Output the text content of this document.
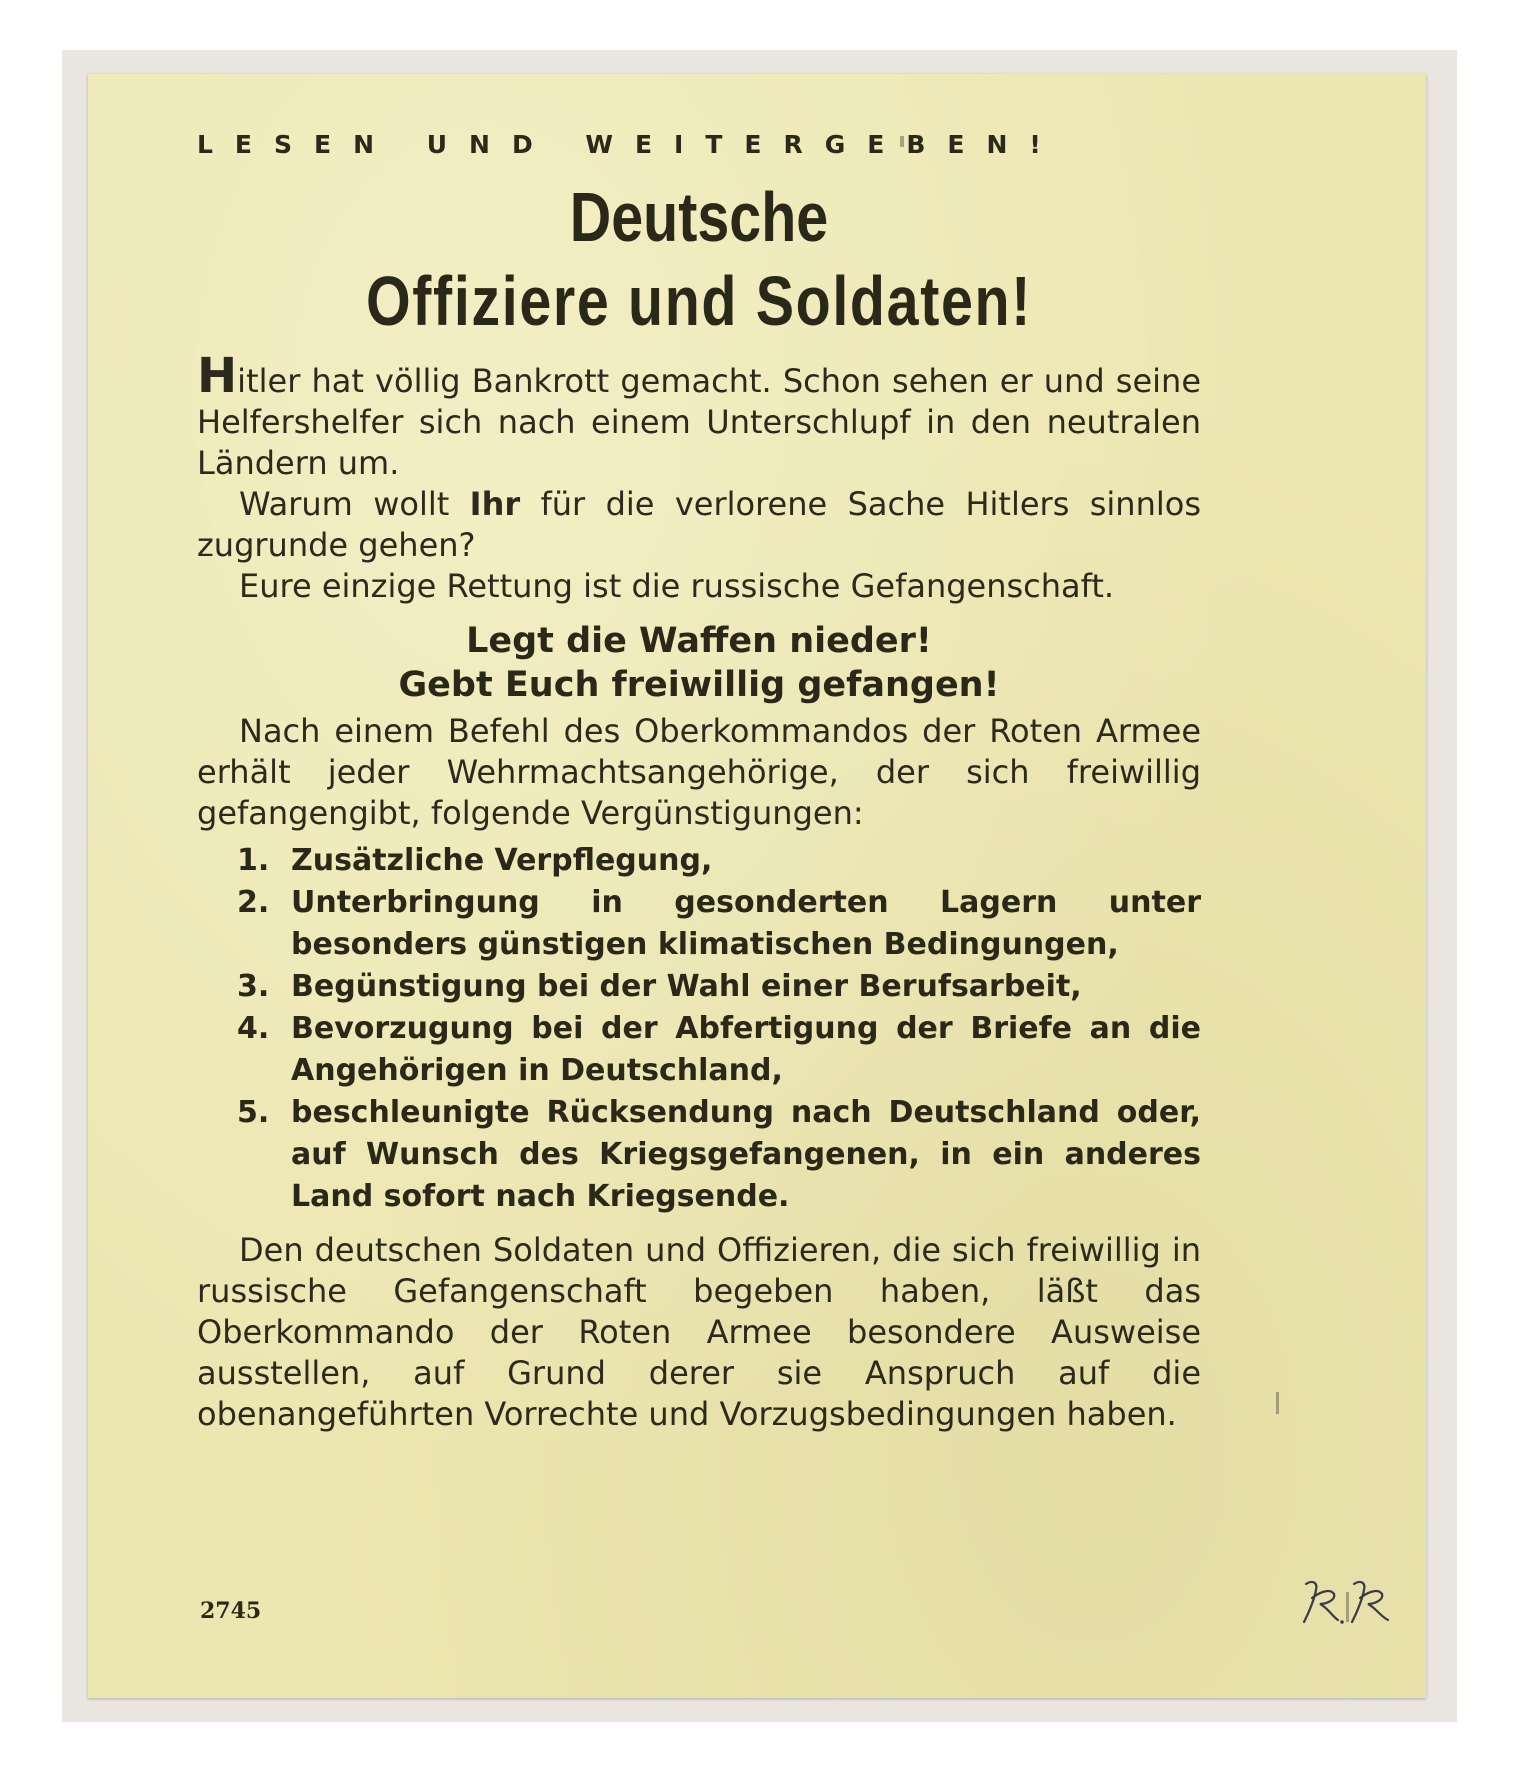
LESEN UND WEITERGEBEN!
Deutsche
Offiziere und Soldaten!

Hitler hat völlig Bankrott gemacht. Schon sehen er und seine Helfershelfer sich nach einem Unterschlupf in den neutralen Ländern um.

Warum wollt Ihr für die verlorene Sache Hitlers sinnlos zugrunde gehen?

Eure einzige Rettung ist die russische Gefangenschaft.

Legt die Waffen nieder!
Gebt Euch freiwillig gefangen!

Nach einem Befehl des Oberkommandos der Roten Armee erhält jeder Wehrmachtsangehörige, der sich freiwillig gefangengibt, folgende Vergünstigungen:

1. Zusätzliche Verpflegung,
2. Unterbringung in gesonderten Lagern unter besonders günstigen klimatischen Bedingungen,
3. Begünstigung bei der Wahl einer Berufsarbeit,
4. Bevorzugung bei der Abfertigung der Briefe an die Angehörigen in Deutschland,
5. beschleunigte Rücksendung nach Deutschland oder, auf Wunsch des Kriegsgefangenen, in ein anderes Land sofort nach Kriegsende.

Den deutschen Soldaten und Offizieren, die sich freiwillig in russische Gefangenschaft begeben haben, läßt das Oberkommando der Roten Armee besondere Ausweise ausstellen, auf Grund derer sie Anspruch auf die obenangeführten Vorrechte und Vorzugsbedingungen haben.

2745
